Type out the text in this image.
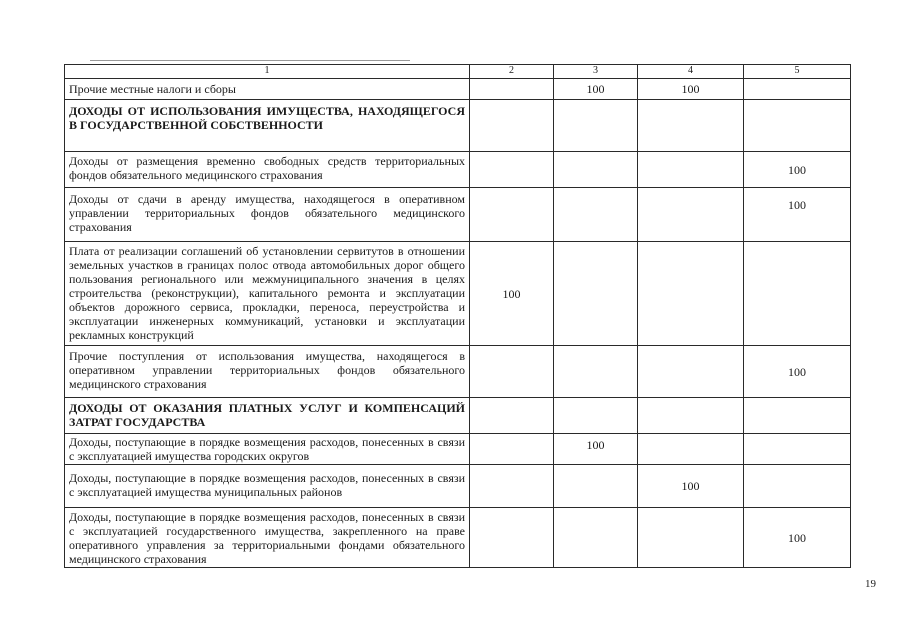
1	2	3	4	5
Прочие местные налоги и сборы		100	100	
ДОХОДЫ ОТ ИСПОЛЬЗОВАНИЯ ИМУЩЕСТВА, НАХОДЯЩЕГОСЯ В ГОСУДАРСТВЕННОЙ СОБСТВЕННОСТИ				
Доходы от размещения временно свободных средств территориальных фондов обязательного медицинского страхования				100
Доходы от сдачи в аренду имущества, находящегося в оперативном управлении территориальных фондов обязательного медицинского страхования				100
Плата от реализации соглашений об установлении сервитутов в отношении земельных участков в границах полос отвода автомобильных дорог общего пользования регионального или межмуниципального значения в целях строительства (реконструкции), капитального ремонта и эксплуатации объектов дорожного сервиса, прокладки, переноса, переустройства и эксплуатации инженерных коммуникаций, установки и эксплуатации рекламных конструкций	100			
Прочие поступления от использования имущества, находящегося в оперативном управлении территориальных фондов обязательного медицинского страхования				100
ДОХОДЫ ОТ ОКАЗАНИЯ ПЛАТНЫХ УСЛУГ И КОМПЕНСАЦИЙ ЗАТРАТ ГОСУДАРСТВА				
Доходы, поступающие в порядке возмещения расходов, понесенных в связи с эксплуатацией имущества городских округов		100		
Доходы, поступающие в порядке возмещения расходов, понесенных в связи с эксплуатацией имущества муниципальных районов			100	
Доходы, поступающие в порядке возмещения расходов, понесенных в связи с эксплуатацией государственного имущества, закрепленного на праве оперативного управления за территориальными фондами обязательного медицинского страхования				100
19
